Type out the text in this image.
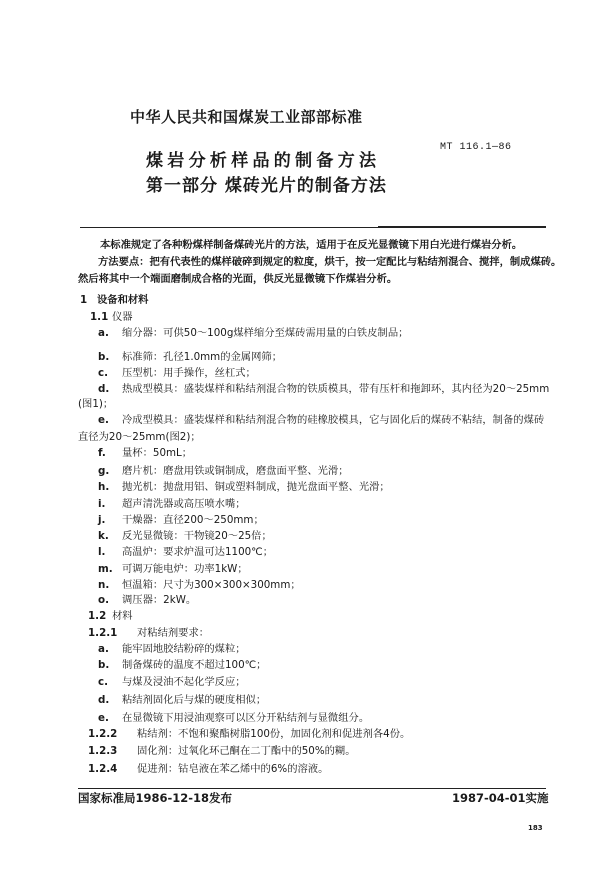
中华人民共和国煤炭工业部部标准
MT 116.1—86
煤岩分析样品的制备方法
第一部分 煤砖光片的制备方法
本标准规定了各种粉煤样制备煤砖光片的方法，适用于在反光显微镜下用白光进行煤岩分析。
方法要点：把有代表性的煤样破碎到规定的粒度，烘干，按一定配比与粘结剂混合、搅拌，制成煤砖。
然后将其中一个端面磨制成合格的光面，供反光显微镜下作煤岩分析。
1 设备和材料
1.1 仪器
a. 缩分器：可供50～100g煤样缩分至煤砖需用量的白铁皮制品；
b. 标准筛：孔径1.0mm的金属网筛；
c. 压型机：用手操作，丝杠式；
d. 热成型模具：盛装煤样和粘结剂混合物的铁质模具，带有压杆和拖卸环，其内径为20～25mm
(图1)；
e. 冷成型模具：盛装煤样和粘结剂混合物的硅橡胶模具，它与固化后的煤砖不粘结，制备的煤砖
直径为20～25mm(图2)；
f. 量杯：50mL；
g. 磨片机：磨盘用铁或铜制成，磨盘面平整、光滑；
h. 抛光机：抛盘用铝、铜或塑料制成，抛光盘面平整、光滑；
i. 超声清洗器或高压喷水嘴；
j. 干燥器：直径200～250mm；
k. 反光显微镜：干物镜20～25倍；
l. 高温炉：要求炉温可达1100℃；
m. 可调万能电炉：功率1kW；
n. 恒温箱：尺寸为300×300×300mm；
o. 调压器：2kW。
1.2 材料
1.2.1 对粘结剂要求：
a. 能牢固地胶结粉碎的煤粒；
b. 制备煤砖的温度不超过100℃；
c. 与煤及浸油不起化学反应；
d. 粘结剂固化后与煤的硬度相似；
e. 在显微镜下用浸油观察可以区分开粘结剂与显微组分。
1.2.2 粘结剂：不饱和聚酯树脂100份，加固化剂和促进剂各4份。
1.2.3 固化剂：过氧化环己酮在二丁酯中的50%的糊。
1.2.4 促进剂：钴皂液在苯乙烯中的6%的溶液。
国家标准局1986-12-18发布	1987-04-01实施
183
